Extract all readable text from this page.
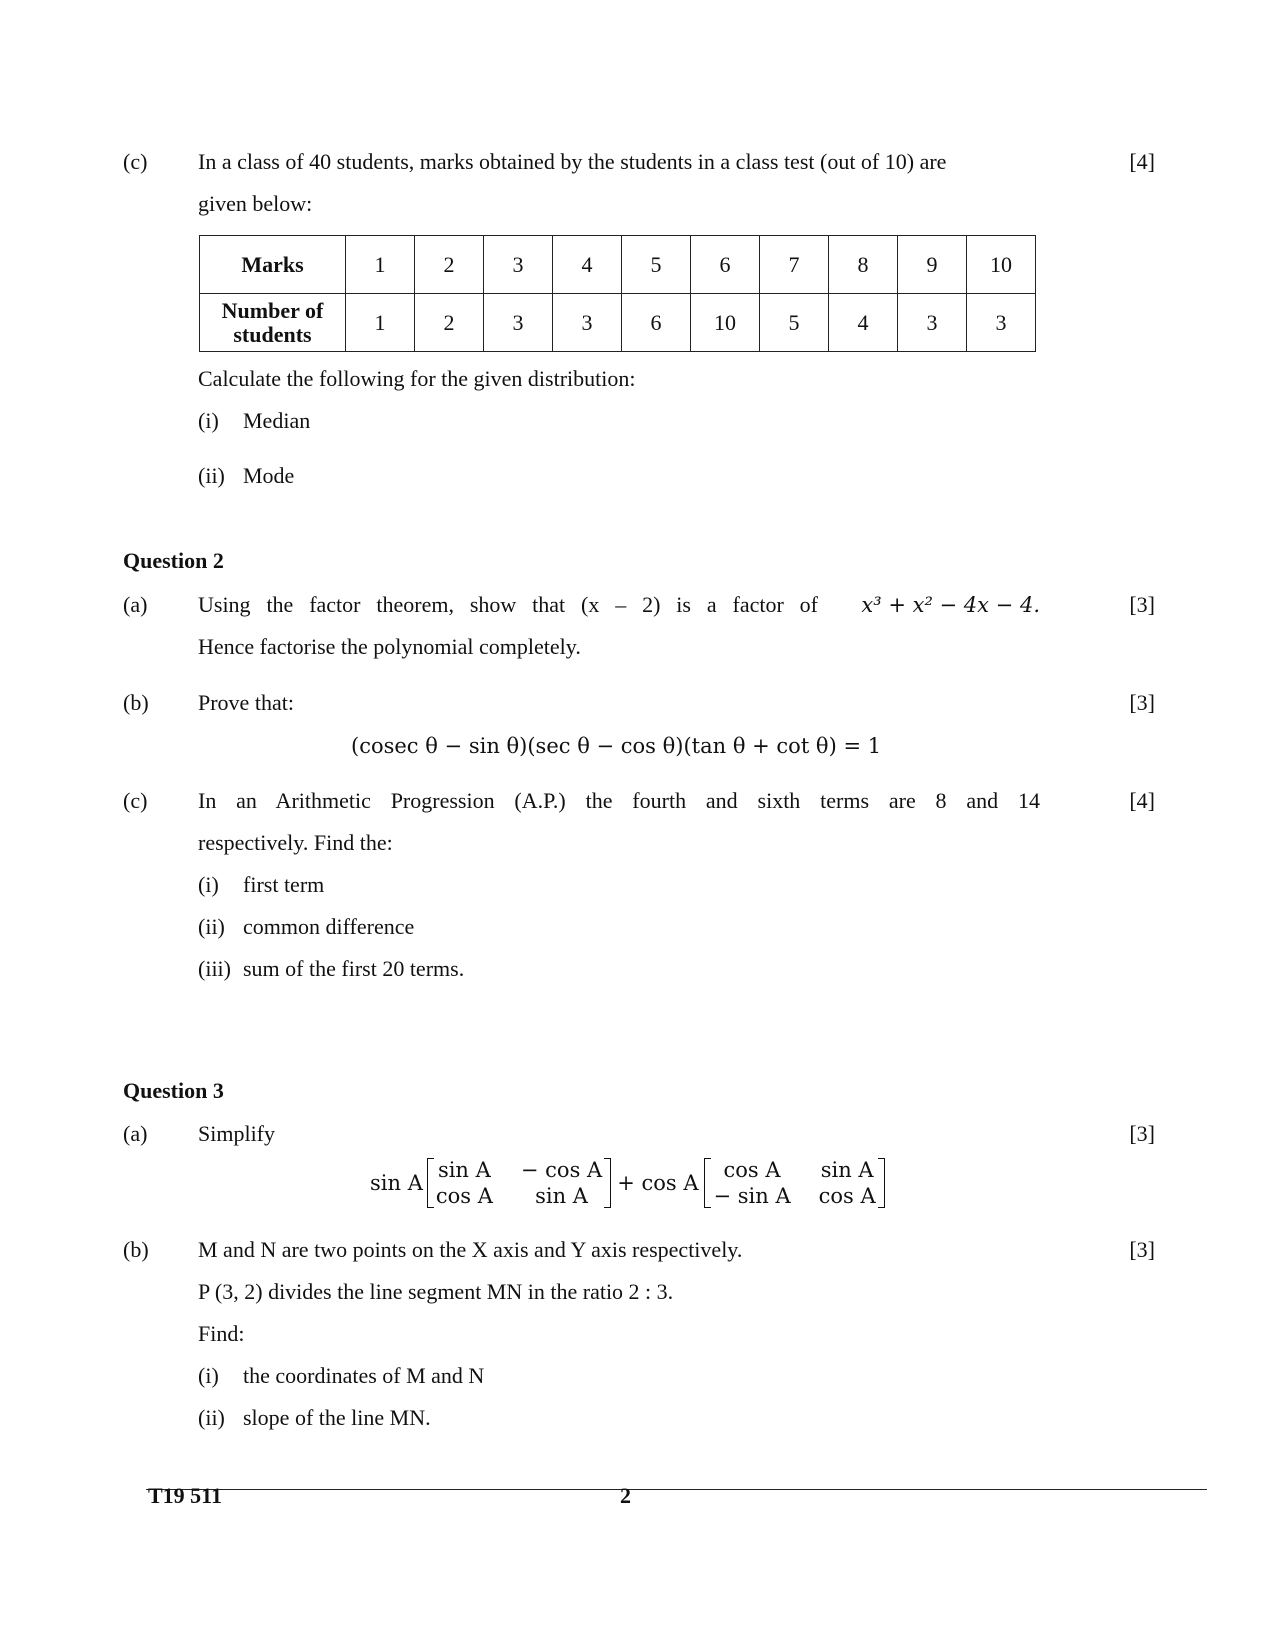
(c) In a class of 40 students, marks obtained by the students in a class test (out of 10) are	[4]
given below:
Marks	1	2	3	4	5	6	7	8	9	10

Number of
students	1	2	3	3	6	10	5	4	3	3
Calculate the following for the given distribution:
(i) Median
(ii) Mode
Question 2
(a) Using the factor theorem, show that (x – 2) is a factor of x³ + x² − 4x − 4.	[3]
Hence factorise the polynomial completely.
(b) Prove that:	[3]
(cosec θ − sin θ)(sec θ − cos θ)(tan θ + cot θ) = 1
(c) In an Arithmetic Progression (A.P.) the fourth and sixth terms are 8 and 14	[4]
respectively. Find the:
(i) first term
(ii) common difference
(iii) sum of the first 20 terms.
Question 3
(a) Simplify	[3]
sin A
sin A − cos A
cos A	sin A
+ cos A
cos A	sin A
− sin A cos A
(b) M and N are two points on the X axis and Y axis respectively.	[3]
P (3, 2) divides the line segment MN in the ratio 2 : 3.
Find:
(i) the coordinates of M and N
(ii) slope of the line MN.
T19 511	2
